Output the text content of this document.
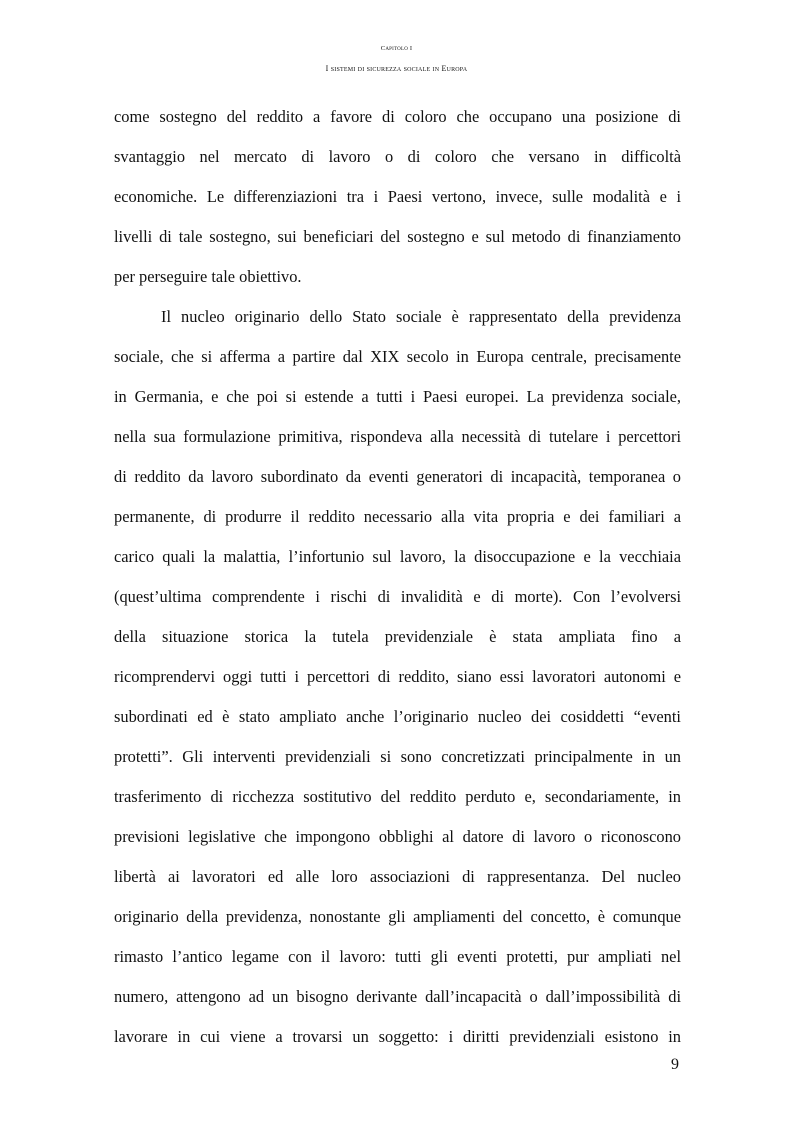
Capitolo I
I sistemi di sicurezza sociale in Europa
come sostegno del reddito a favore di coloro che occupano una posizione di
svantaggio nel mercato di lavoro o di coloro che versano in difficoltà
economiche. Le differenziazioni tra i Paesi vertono, invece, sulle modalità e i
livelli di tale sostegno, sui beneficiari del sostegno e sul metodo di finanziamento
per perseguire tale obiettivo.
Il nucleo originario dello Stato sociale è rappresentato della previdenza
sociale, che si afferma a partire dal XIX secolo in Europa centrale, precisamente
in Germania, e che poi si estende a tutti i Paesi europei. La previdenza sociale,
nella sua formulazione primitiva, rispondeva alla necessità di tutelare i percettori
di reddito da lavoro subordinato da eventi generatori di incapacità, temporanea o
permanente, di produrre il reddito necessario alla vita propria e dei familiari a
carico quali la malattia, l’infortunio sul lavoro, la disoccupazione e la vecchiaia
(quest’ultima comprendente i rischi di invalidità e di morte). Con l’evolversi
della situazione storica la tutela previdenziale è stata ampliata fino a
ricomprendervi oggi tutti i percettori di reddito, siano essi lavoratori autonomi e
subordinati ed è stato ampliato anche l’originario nucleo dei cosiddetti “eventi
protetti”. Gli interventi previdenziali si sono concretizzati principalmente in un
trasferimento di ricchezza sostitutivo del reddito perduto e, secondariamente, in
previsioni legislative che impongono obblighi al datore di lavoro o riconoscono
libertà ai lavoratori ed alle loro associazioni di rappresentanza. Del nucleo
originario della previdenza, nonostante gli ampliamenti del concetto, è comunque
rimasto l’antico legame con il lavoro: tutti gli eventi protetti, pur ampliati nel
numero, attengono ad un bisogno derivante dall’incapacità o dall’impossibilità di
lavorare in cui viene a trovarsi un soggetto: i diritti previdenziali esistono in
9
